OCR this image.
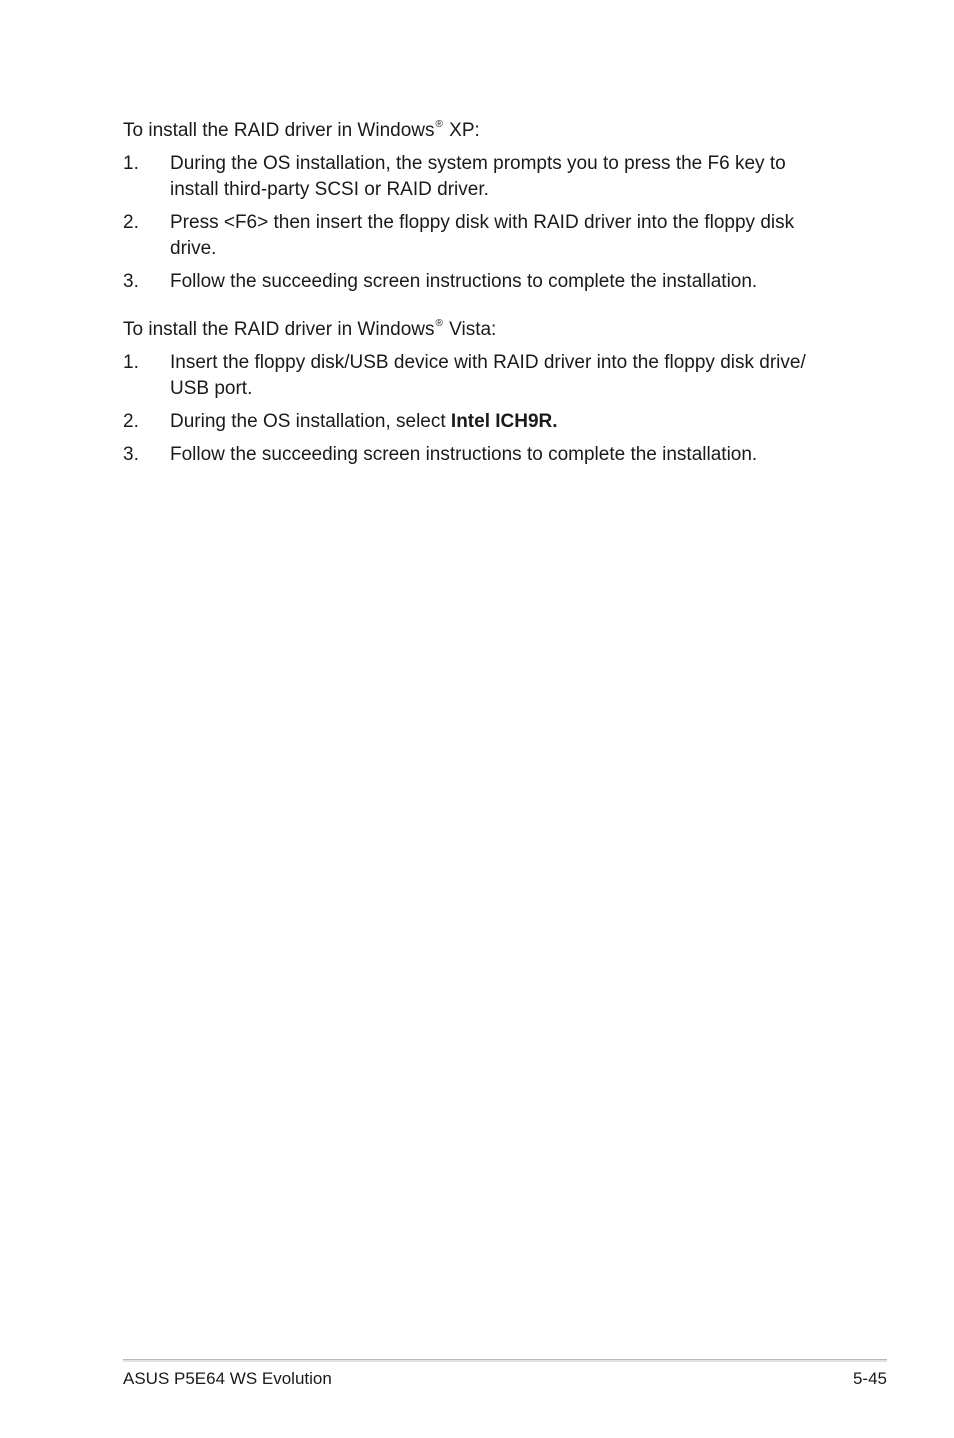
To install the RAID driver in Windows® XP:

1.	During the OS installation, the system prompts you to press the F6 key to install third-party SCSI or RAID driver.
2.	Press <F6> then insert the floppy disk with RAID driver into the floppy disk drive.
3.	Follow the succeeding screen instructions to complete the installation.

To install the RAID driver in Windows® Vista:

1.	Insert the floppy disk/USB device with RAID driver into the floppy disk drive/ USB port.
2.	During the OS installation, select Intel ICH9R.
3.	Follow the succeeding screen instructions to complete the installation.
ASUS P5E64 WS Evolution	5-45
